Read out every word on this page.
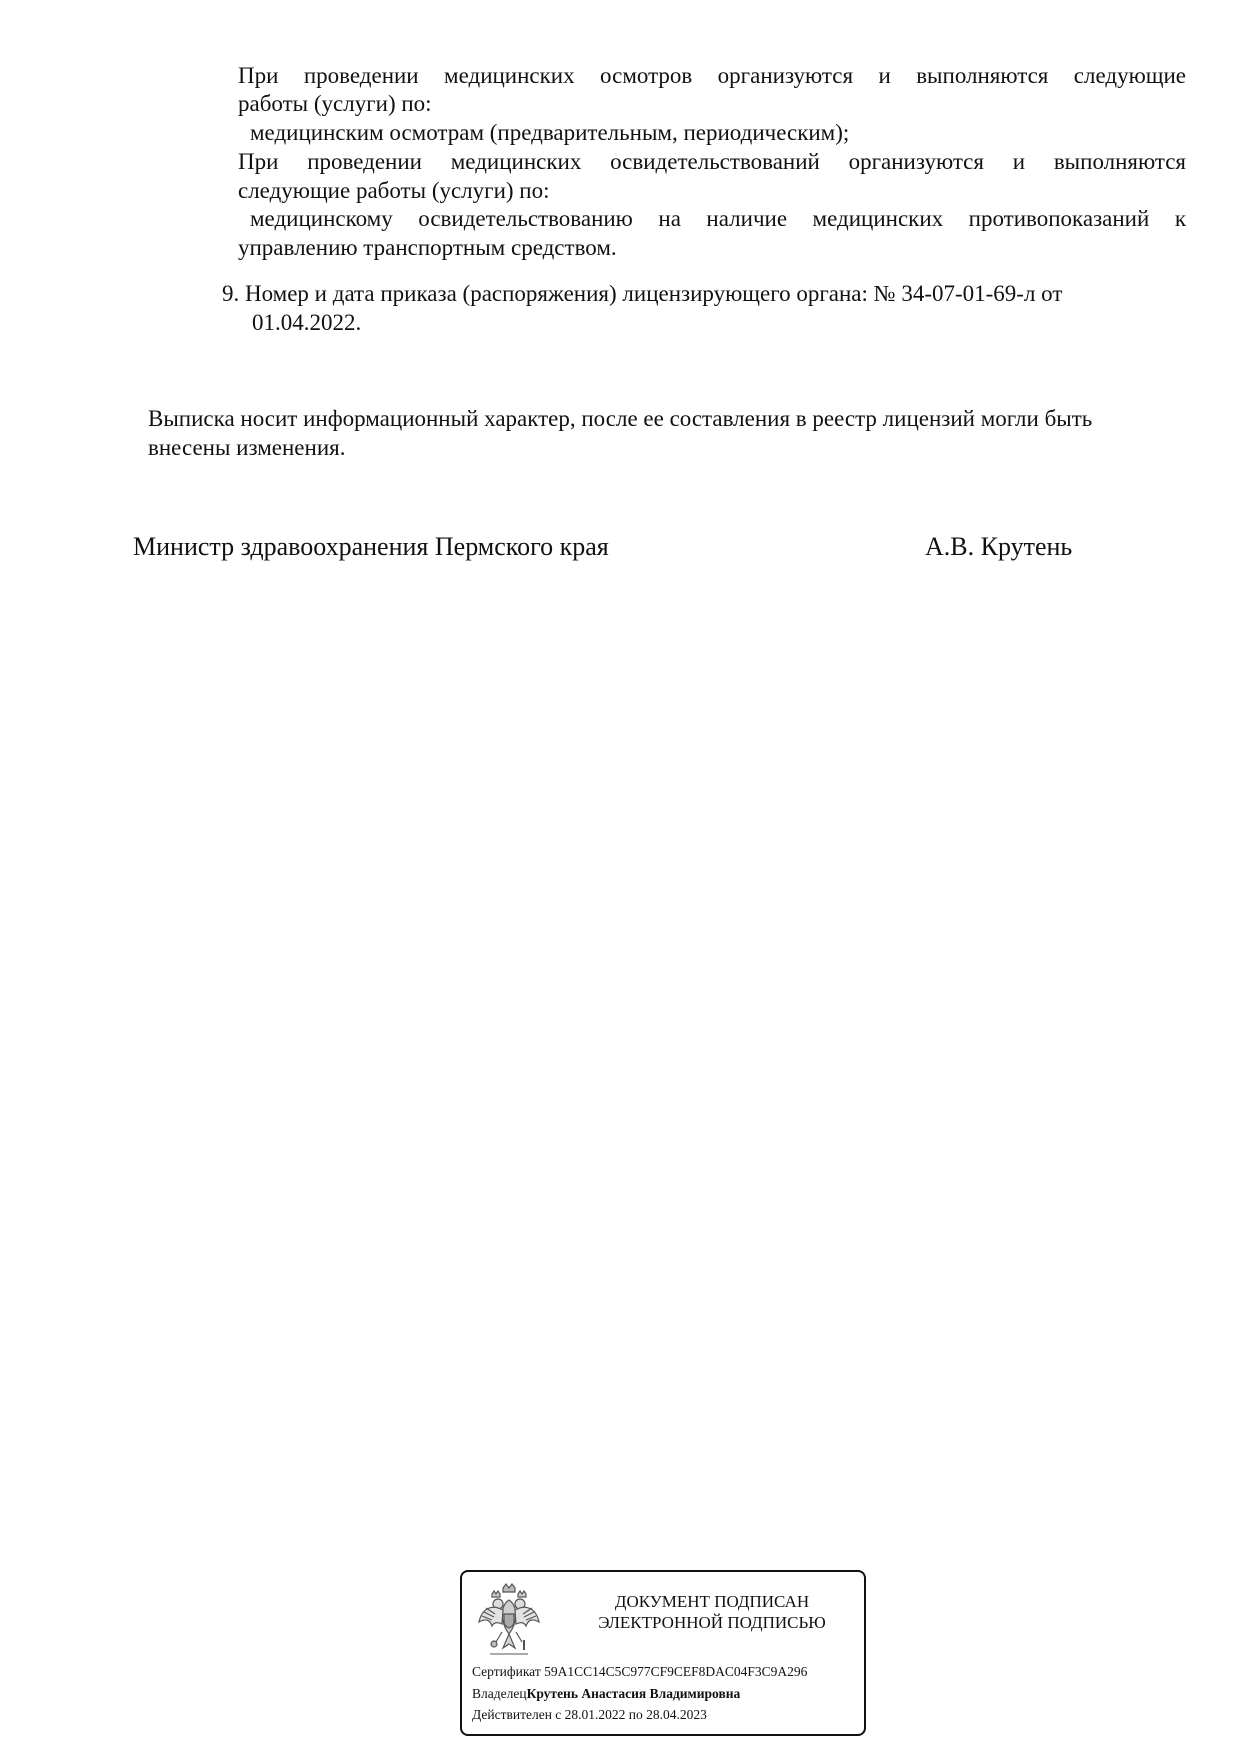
При проведении медицинских осмотров организуются и выполняются следующие
работы (услуги) по:
медицинским осмотрам (предварительным, периодическим);
При проведении медицинских освидетельствований организуются и выполняются
следующие работы (услуги) по:
медицинскому освидетельствованию на наличие медицинских противопоказаний к
управлению транспортным средством.
9. Номер и дата приказа (распоряжения) лицензирующего органа: № 34-07-01-69-л от
01.04.2022.
Выписка носит информационный характер, после ее составления в реестр лицензий могли быть
внесены изменения.
Министр здравоохранения Пермского края	А.В. Крутень
ДОКУМЕНТ ПОДПИСАН
ЭЛЕКТРОННОЙ ПОДПИСЬЮ
Сертификат 59A1CC14C5C977CF9CEF8DAC04F3C9A296
ВладелецКрутень Анастасия Владимировна
Действителен с 28.01.2022 по 28.04.2023
